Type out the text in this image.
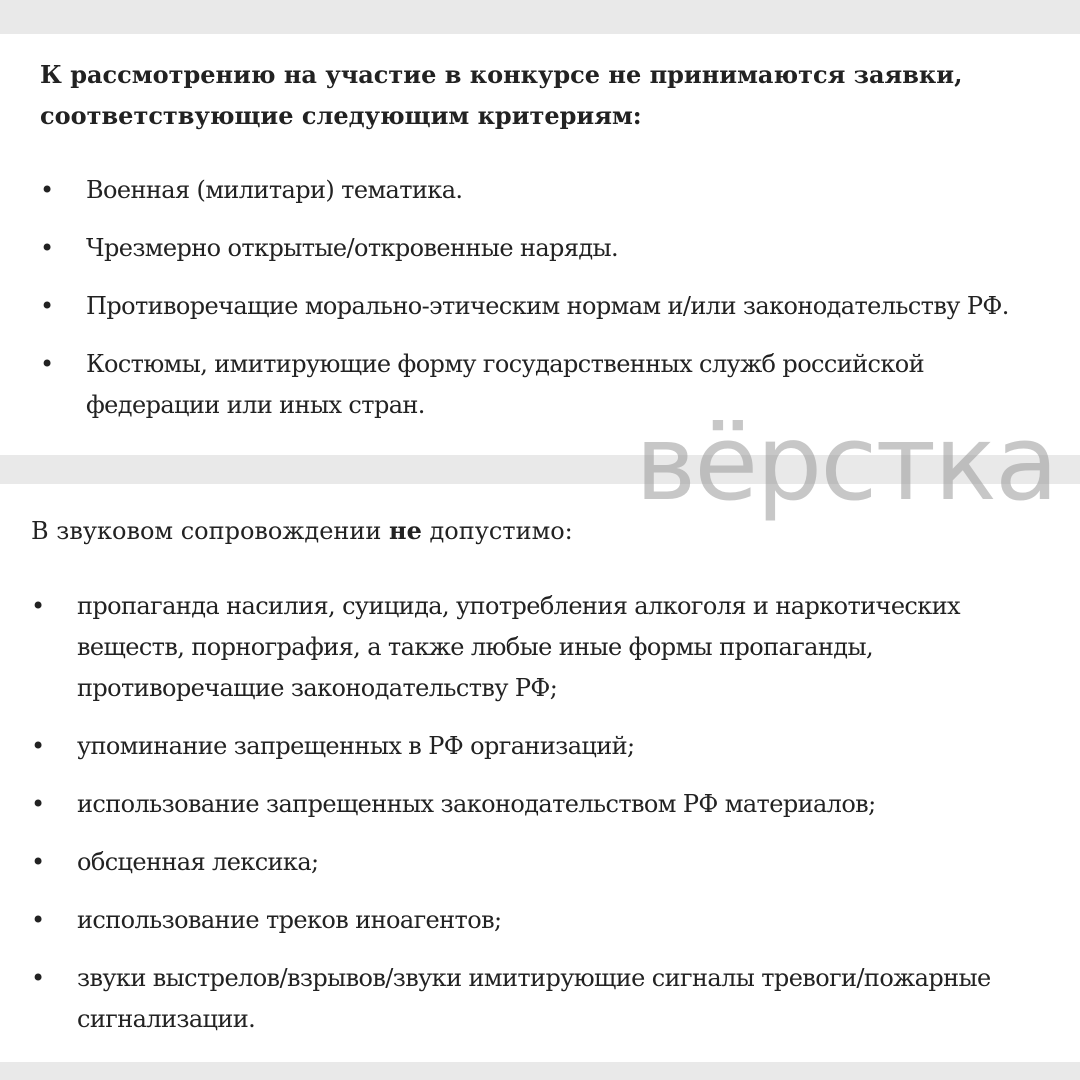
К рассмотрению на участие в конкурсе не принимаются заявки, соответствующие следующим критериям:

• Военная (милитари) тематика.
• Чрезмерно открытые/откровенные наряды.
• Противоречащие морально-этическим нормам и/или законодательству РФ.
• Костюмы, имитирующие форму государственных служб российской федерации или иных стран.	вёрстка

В звуковом сопровождении не допустимо:

• пропаганда насилия, суицида, употребления алкоголя и наркотических веществ, порнография, а также любые иные формы пропаганды, противоречащие законодательству РФ;
• упоминание запрещенных в РФ организаций;
• использование запрещенных законодательством РФ материалов;
• обсценная лексика;
• использование треков иноагентов;
• звуки выстрелов/взрывов/звуки имитирующие сигналы тревоги/пожарные сигнализации.
